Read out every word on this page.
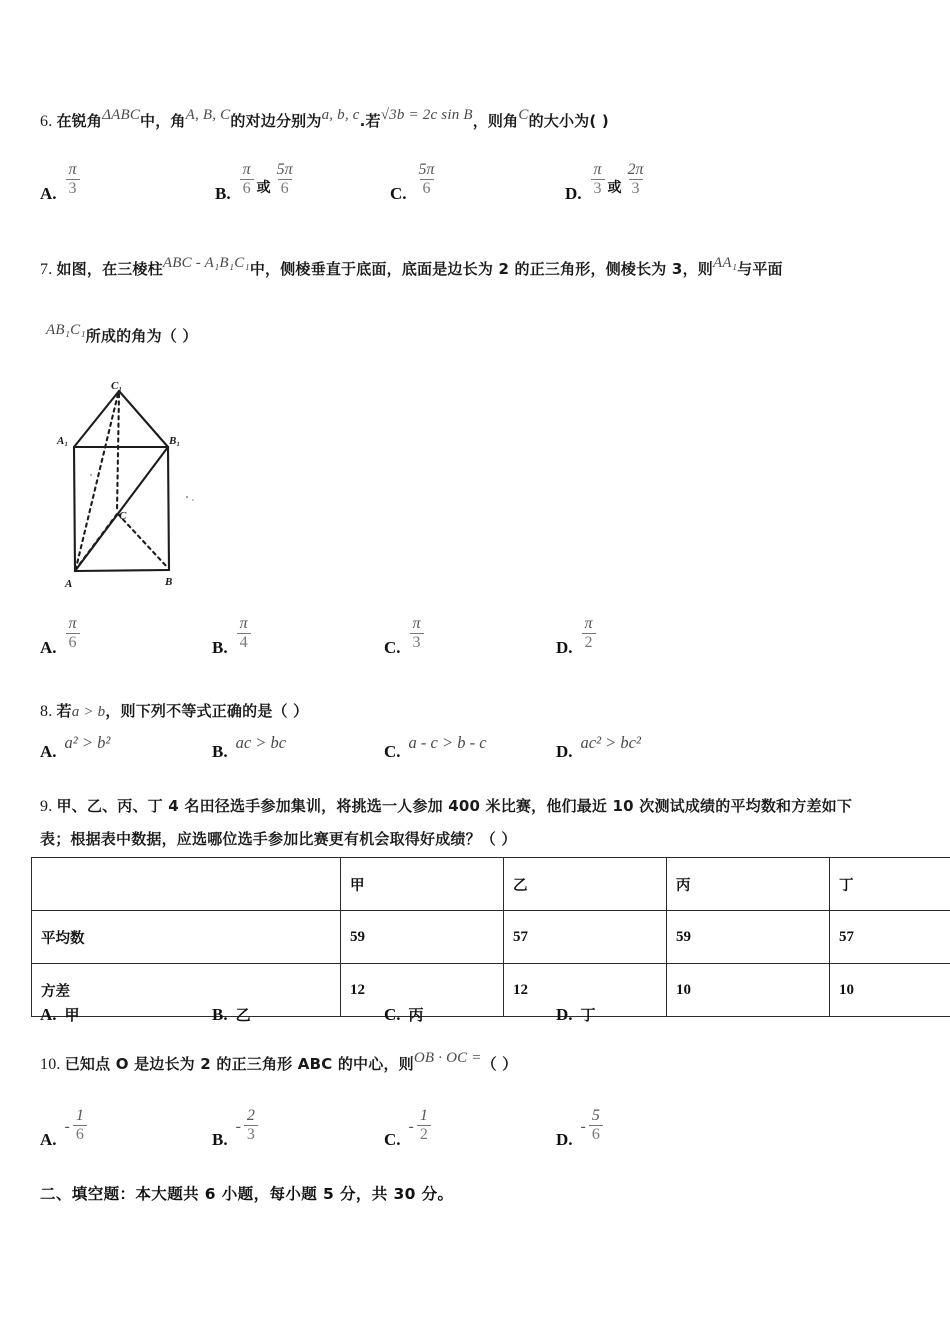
6. 在锐角ΔABC中，角A, B, C的对边分别为a, b, c.若√3b = 2c sin B，则角C的大小为( )
A. $\frac{\pi}{3}$	B. $\frac{\pi}{6}$ 或 $\frac{5\pi}{6}$	C. $\frac{5\pi}{6}$	D. $\frac{\pi}{3}$ 或 $\frac{2\pi}{3}$
7. 如图，在三棱柱ABC - A₁B₁C₁中，侧棱垂直于底面，底面是边长为 2 的正三角形，侧棱长为 3，则AA₁与平面
AB₁C₁所成的角为（ ）
C₁
A₁	B₁
A	B
C
A. $\frac{\pi}{6}$	B. $\frac{\pi}{4}$	C. $\frac{\pi}{3}$	D. $\frac{\pi}{2}$
8. 若a > b，则下列不等式正确的是（ ）
A. a² > b²	B. ac > bc	C. a - c > b - c	D. ac² > bc²
9. 甲、乙、丙、丁 4 名田径选手参加集训，将挑选一人参加 400 米比赛，他们最近 10 次测试成绩的平均数和方差如下
表；根据表中数据，应选哪位选手参加比赛更有机会取得好成绩？（ ）
	甲	乙	丙	丁
平均数	59	57	59	57
方差	12	12	10	10
A. 甲	B. 乙	C. 丙	D. 丁
10. 已知点 O 是边长为 2 的正三角形 ABC 的中心，则OB · OC =（ ）
A.
- $\frac{1}{6}$	B.
- $\frac{2}{3}$	C.
- $\frac{1}{2}$	D.
- $\frac{5}{6}$
二、填空题：本大题共 6 小题，每小题 5 分，共 30 分。
